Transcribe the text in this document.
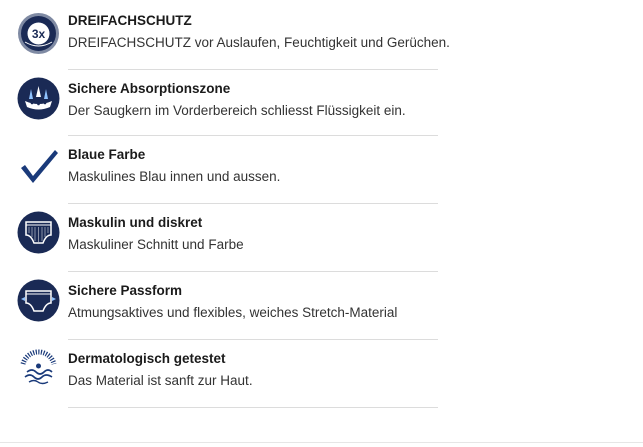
3x
DREIFACHSCHUTZ
DREIFACHSCHUTZ vor Auslaufen, Feuchtigkeit und Gerüchen.
Sichere Absorptionszone
Der Saugkern im Vorderbereich schliesst Flüssigkeit ein.
Blaue Farbe
Maskulines Blau innen und aussen.
Maskulin und diskret
Maskuliner Schnitt und Farbe
Sichere Passform
Atmungsaktives und flexibles, weiches Stretch-Material
Dermatologisch getestet
Das Material ist sanft zur Haut.
